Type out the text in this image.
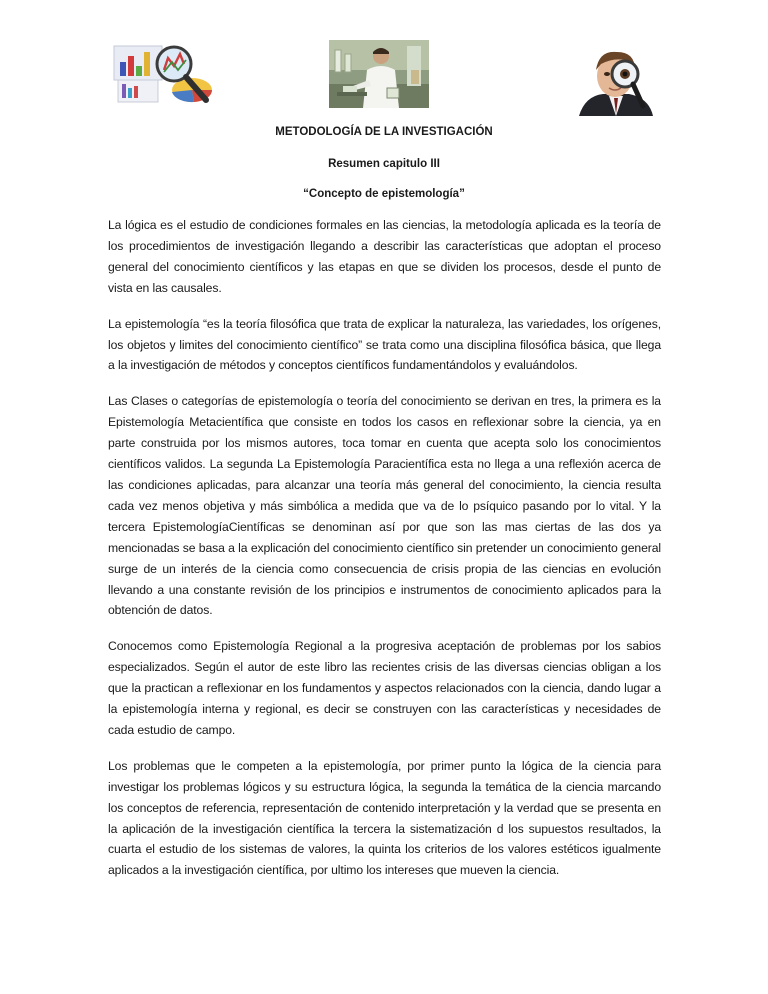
METODOLOGÍA DE LA INVESTIGACIÓN
Resumen capitulo III
“Concepto de epistemología”

La lógica es el estudio de condiciones formales en las ciencias, la metodología aplicada es la teoría de los procedimientos de investigación llegando a describir las características que adoptan el proceso general del conocimiento científicos y las etapas en que se dividen los procesos, desde el punto de vista en las causales.

La epistemología “es la teoría filosófica que trata de explicar la naturaleza, las variedades, los orígenes, los objetos y limites del conocimiento científico” se trata como una disciplina filosófica básica, que llega a la investigación de métodos y conceptos científicos fundamentándolos y evaluándolos.

Las Clases o categorías de epistemología o teoría del conocimiento se derivan en tres, la primera es la Epistemología Metacientífica que consiste en todos los casos en reflexionar sobre la ciencia, ya en parte construida por los mismos autores, toca tomar en cuenta que acepta solo los conocimientos científicos validos. La segunda La Epistemología Paracientífica esta no llega a una reflexión acerca de las condiciones aplicadas, para alcanzar una teoría más general del conocimiento, la ciencia resulta cada vez menos objetiva y más simbólica a medida que va de lo psíquico pasando por lo vital. Y la tercera EpistemologíaCientíficas se denominan así por que son las mas ciertas de las dos ya mencionadas se basa a la explicación del conocimiento científico sin pretender un conocimiento general surge de un interés de la ciencia como consecuencia de crisis propia de las ciencias en evolución llevando a una constante revisión de los principios e instrumentos de conocimiento aplicados para la obtención de datos.

Conocemos como Epistemología Regional a la progresiva aceptación de problemas por los sabios especializados. Según el autor de este libro las recientes crisis de las diversas ciencias obligan a los que la practican a reflexionar en los fundamentos y aspectos relacionados con la ciencia, dando lugar a la epistemología interna y regional, es decir se construyen con las características y necesidades de cada estudio de campo.

Los problemas que le competen a la epistemología, por primer punto la lógica de la ciencia para investigar los problemas lógicos y su estructura lógica, la segunda la temática de la ciencia marcando los conceptos de referencia, representación de contenido interpretación y la verdad que se presenta en la aplicación de la investigación científica la tercera la sistematización d los supuestos resultados, la cuarta el estudio de los sistemas de valores, la quinta los criterios de los valores estéticos igualmente aplicados a la investigación científica, por ultimo los intereses que mueven la ciencia.
